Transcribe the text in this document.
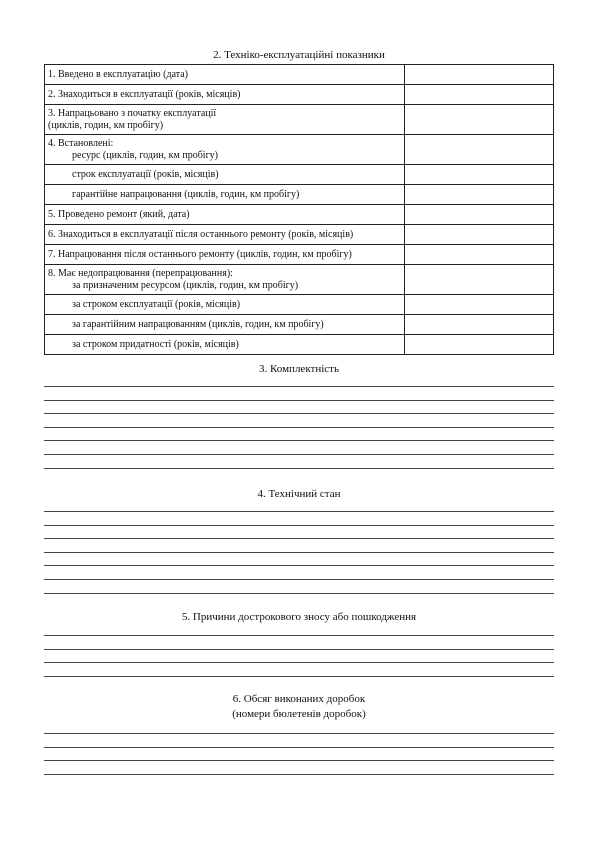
2. Техніко-експлуатаційні показники
1. Введено в експлуатацію (дата)	
2. Знаходиться в експлуатації (років, місяців)	

3. Напрацьовано з початку експлуатації
(циклів, годин, км пробігу)	

4. Встановлені:
ресурс (циклів, годин, км пробігу)	

строк експлуатації (років, місяців)	
гарантійне напрацювання (циклів, годин, км пробігу)	
5. Проведено ремонт (який, дата)	
6. Знаходиться в експлуатації після останнього ремонту (років, місяців)	
7. Напрацювання після останнього ремонту (циклів, годин, км пробігу)	

8. Має недопрацювання (перепрацювання):
за призначеним ресурсом (циклів, годин, км пробігу)	

за строком експлуатації (років, місяців)	
за гарантійним напрацюванням (циклів, годин, км пробігу)	
за строком придатності (років, місяців)	
3. Комплектність
4. Технічний стан
5. Причини дострокового зносу або пошкодження
6. Обсяг виконаних доробок
(номери бюлетенів доробок)
